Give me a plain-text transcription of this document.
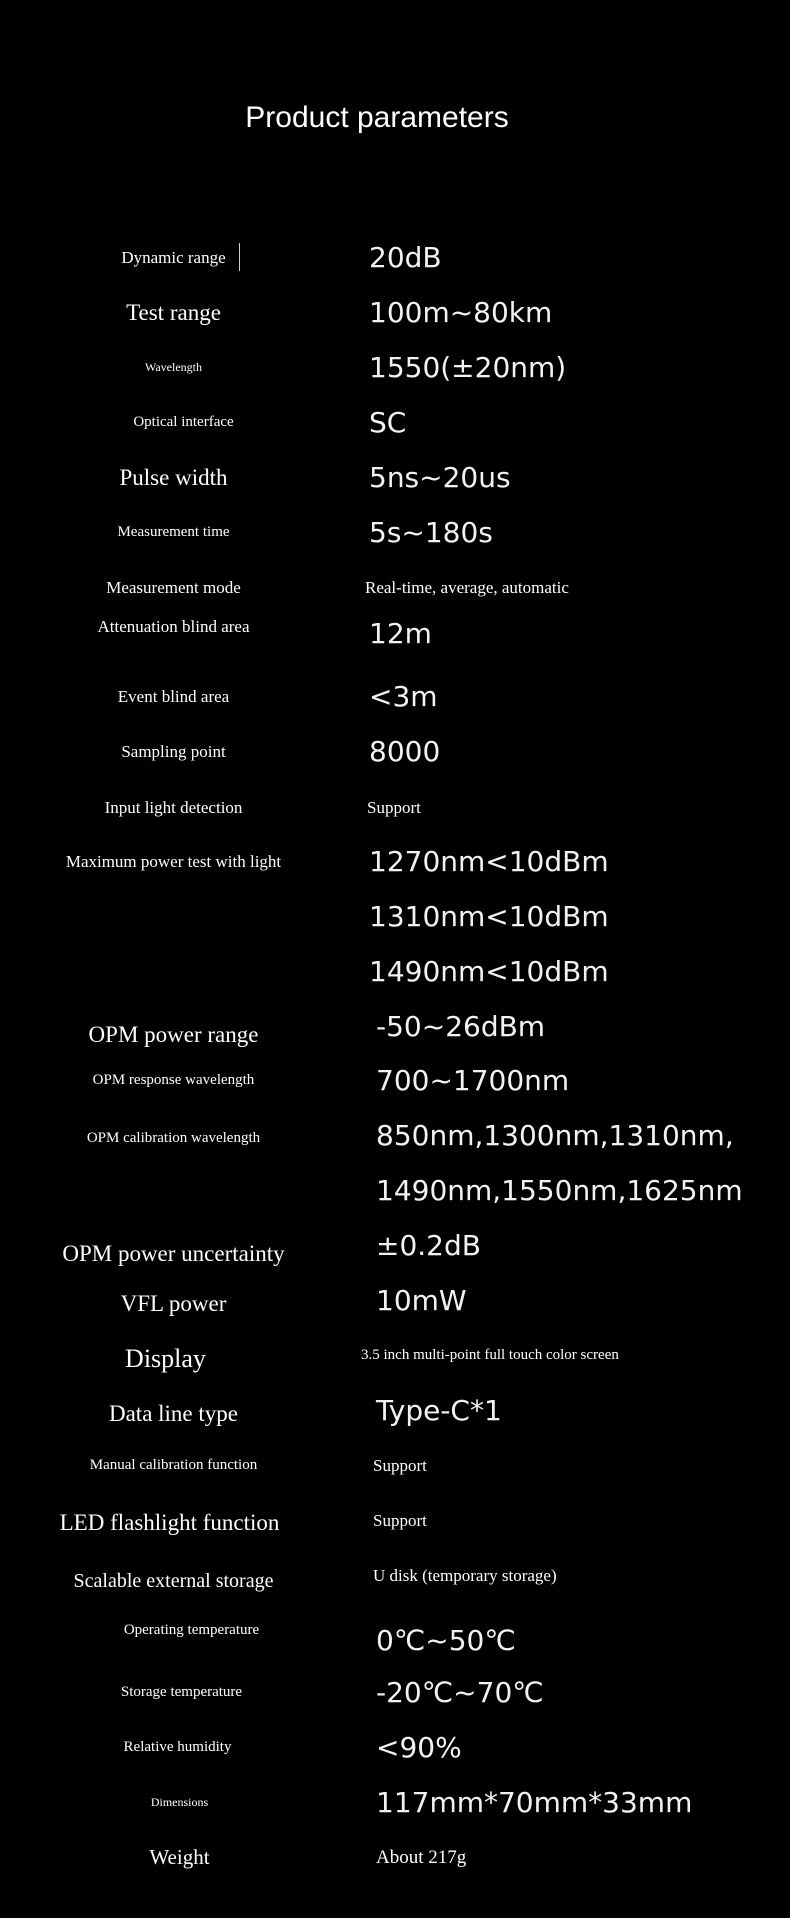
Product parameters
Dynamic range	20dB
Test range	100m~80km
Wavelength	1550(±20nm)
Optical interface	SC
Pulse width	5ns~20us
Measurement time	5s~180s
Measurement mode	Real-time, average, automatic
Attenuation blind area	12m
Event blind area	<3m
Sampling point	8000
Input light detection	Support
Maximum power test with light	1270nm<10dBm
1310nm<10dBm
1490nm<10dBm
OPM power range	-50~26dBm
OPM response wavelength	700~1700nm
OPM calibration wavelength	850nm,1300nm,1310nm,
1490nm,1550nm,1625nm
OPM power uncertainty	±0.2dB
VFL power	10mW
Display	3.5 inch multi-point full touch color screen
Data line type	Type-C*1
Manual calibration function	Support
LED flashlight function	Support
Scalable external storage	U disk (temporary storage)
Operating temperature	0℃~50℃
Storage temperature	-20℃~70℃
Relative humidity	<90%
Dimensions	117mm*70mm*33mm
Weight	About 217g
